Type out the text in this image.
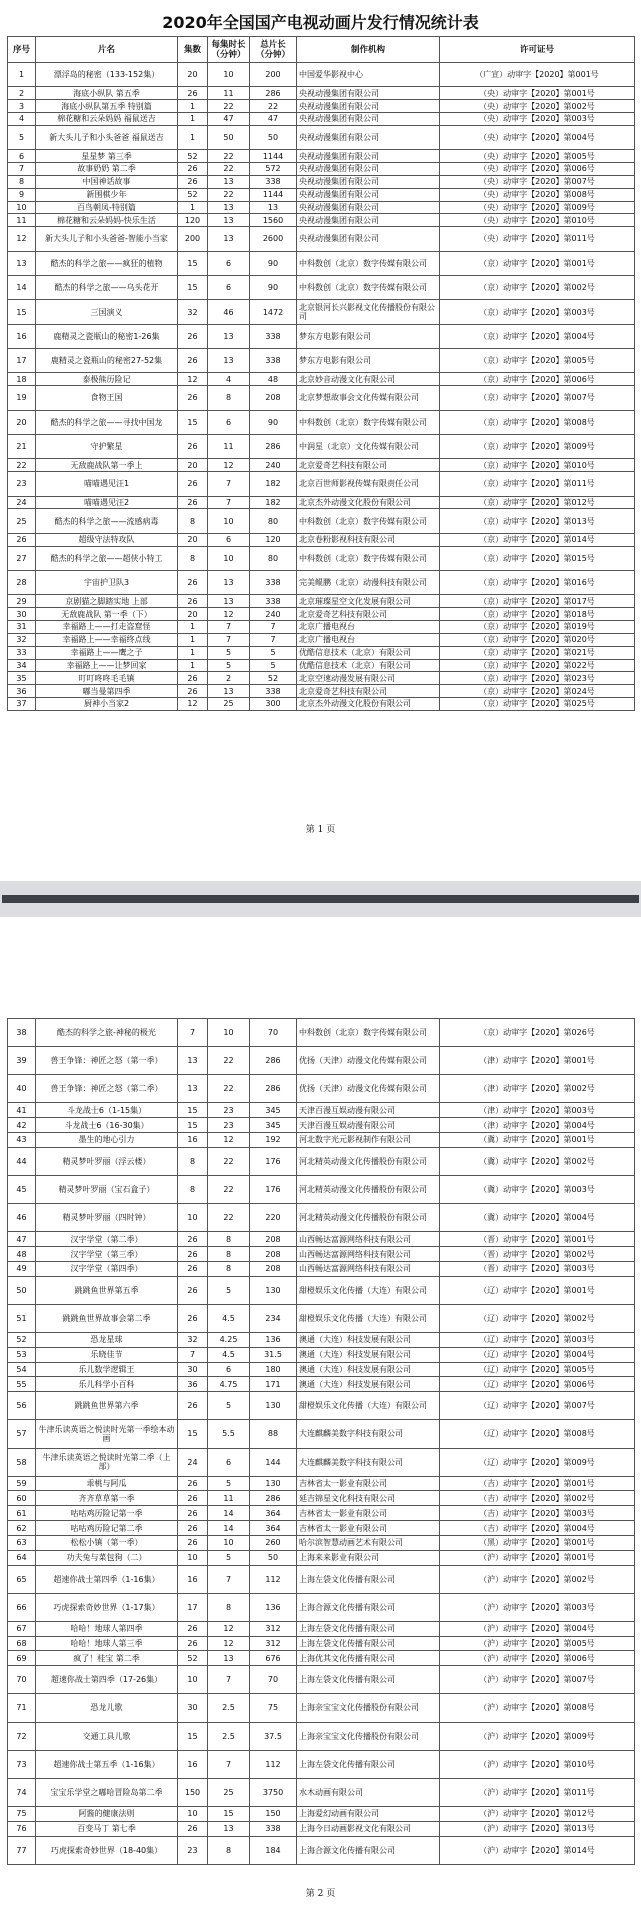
2020年全国国产电视动画片发行情况统计表
序号	片名	集数	每集时长（分钟）	总片长（分钟）	制作机构	许可证号
1	漂浮岛的秘密（133-152集）	20	10	200	中国爱华影视中心	（广宣）动审字【2020】第001号
2	海底小纵队 第五季	26	11	286	央视动漫集团有限公司	（央）动审字【2020】第001号
3	海底小纵队第五季 特别篇	1	22	22	央视动漫集团有限公司	（央）动审字【2020】第002号
4	棉花糖和云朵妈妈 福鼠送吉	1	47	47	央视动漫集团有限公司	（央）动审字【2020】第003号
5	新大头儿子和小头爸爸 福鼠送吉	1	50	50	央视动漫集团有限公司	（央）动审字【2020】第004号
6	星星梦 第三季	52	22	1144	央视动漫集团有限公司	（央）动审字【2020】第005号
7	故事奶奶 第二季	26	22	572	央视动漫集团有限公司	（央）动审字【2020】第006号
8	中国神话故事	26	13	338	央视动漫集团有限公司	（央）动审字【2020】第007号
9	新围棋少年	52	22	1144	央视动漫集团有限公司	（央）动审字【2020】第008号
10	百鸟朝凤-特别篇	1	13	13	央视动漫集团有限公司	（央）动审字【2020】第009号
11	棉花糖和云朵妈妈-快乐生活	120	13	1560	央视动漫集团有限公司	（央）动审字【2020】第010号
12	新大头儿子和小头爸爸-智能小当家	200	13	2600	央视动漫集团有限公司	（央）动审字【2020】第011号
13	酷杰的科学之旅——疯狂的植物	15	6	90	中科数创（北京）数字传媒有限公司	（京）动审字【2020】第001号
14	酷杰的科学之旅——乌头花开	15	6	90	中科数创（北京）数字传媒有限公司	（京）动审字【2020】第002号
15	三国演义	32	46	1472	北京银河长兴影视文化传播股份有限公司	（京）动审字【2020】第003号
16	鹿精灵之瓷瓶山的秘密1-26集	26	13	338	梦东方电影有限公司	（京）动审字【2020】第004号
17	鹿精灵之瓷瓶山的秘密27-52集	26	13	338	梦东方电影有限公司	（京）动审字【2020】第005号
18	泰极熊历险记	12	4	48	北京妙音动漫文化有限公司	（京）动审字【2020】第006号
19	食物王国	26	8	208	北京梦想故事会文化传媒有限公司	（京）动审字【2020】第007号
20	酷杰的科学之旅——寻找中国龙	15	6	90	中科数创（北京）数字传媒有限公司	（京）动审字【2020】第008号
21	守护繁星	26	11	286	中润星（北京）文化传媒有限公司	（京）动审字【2020】第009号
22	无敌鹿战队第一季上	20	12	240	北京爱奇艺科技有限公司	（京）动审字【2020】第010号
23	喵喵遇见汪1	26	7	182	北京百世师影视传媒有限责任公司	（京）动审字【2020】第011号
24	喵喵遇见汪2	26	7	182	北京杰外动漫文化股份有限公司	（京）动审字【2020】第012号
25	酷杰的科学之旅——流感病毒	8	10	80	中科数创（北京）数字传媒有限公司	（京）动审字【2020】第013号
26	超级守法特攻队	20	6	120	北京卷粉影视科技有限公司	（京）动审字【2020】第014号
27	酷杰的科学之旅——超侠小特工	8	10	80	中科数创（北京）数字传媒有限公司	（京）动审字【2020】第015号
28	宇宙护卫队3	26	13	338	完美鲲鹏（北京）动漫科技有限公司	（京）动审字【2020】第016号
29	京剧猫之脚踏实地 上部	26	13	338	北京璀璨星空文化发展有限公司	（京）动审字【2020】第017号
30	无敌鹿战队 第一季（下）	20	12	240	北京爱奇艺科技有限公司	（京）动审字【2020】第018号
31	幸福路上——打走盗窟怪	1	7	7	北京广播电视台	（京）动审字【2020】第019号
32	幸福路上——幸福终点线	1	7	7	北京广播电视台	（京）动审字【2020】第020号
33	幸福路上——鹰之子	1	5	5	优酷信息技术（北京）有限公司	（京）动审字【2020】第021号
34	幸福路上——让梦回家	1	5	5	优酷信息技术（北京）有限公司	（京）动审字【2020】第022号
35	叮叮咚咚毛毛镇	26	2	52	北京空速动漫发展有限公司	（京）动审字【2020】第023号
36	嘟当曼第四季	26	13	338	北京爱奇艺科技有限公司	（京）动审字【2020】第024号
37	厨神小当家2	12	25	300	北京杰外动漫文化股份有限公司	（京）动审字【2020】第025号
第 1 页
38	酷杰的科学之旅-神秘的极光	7	10	70	中科数创（北京）数字传媒有限公司	（京）动审字【2020】第026号
39	兽王争锋：神匠之怒（第一季）	13	22	286	优扬（天津）动漫文化传媒有限公司	（津）动审字【2020】第001号
40	兽王争锋：神匠之怒（第二季）	13	22	286	优扬（天津）动漫文化传媒有限公司	（津）动审字【2020】第002号
41	斗龙战士6（1-15集）	15	23	345	天津百漫互娱动漫有限公司	（津）动审字【2020】第003号
42	斗龙战士6（16-30集）	15	23	345	天津百漫互娱动漫有限公司	（津）动审字【2020】第004号
43	墨生的地心引力	16	12	192	河北数字光元影视制作有限公司	（冀）动审字【2020】第001号
44	精灵梦叶罗丽（浮云楼）	8	22	176	河北精英动漫文化传播股份有限公司	（冀）动审字【2020】第002号
45	精灵梦叶罗丽（宝石盒子）	8	22	176	河北精英动漫文化传播股份有限公司	（冀）动审字【2020】第003号
46	精灵梦叶罗丽（四时钟）	10	22	220	河北精英动漫文化传播股份有限公司	（冀）动审字【2020】第004号
47	汉字学堂（第二季）	26	8	208	山西畅达富源网络科技有限公司	（晋）动审字【2020】第001号
48	汉字学堂（第三季）	26	8	208	山西畅达富源网络科技有限公司	（晋）动审字【2020】第002号
49	汉字学堂（第四季）	26	8	208	山西畅达富源网络科技有限公司	（晋）动审字【2020】第003号
50	跳跳鱼世界第五季	26	5	130	甜橙娱乐文化传播（大连）有限公司	（辽）动审字【2020】第001号
51	跳跳鱼世界故事会第二季	26	4.5	234	甜橙娱乐文化传播（大连）有限公司	（辽）动审字【2020】第002号
52	恐龙星球	32	4.25	136	澳通（大连）科技发展有限公司	（辽）动审字【2020】第003号
53	乐晓佳节	7	4.5	31.5	澳通（大连）科技发展有限公司	（辽）动审字【2020】第004号
54	乐儿数学逻辑王	30	6	180	澳通（大连）科技发展有限公司	（辽）动审字【2020】第005号
55	乐儿科学小百科	36	4.75	171	澳通（大连）科技发展有限公司	（辽）动审字【2020】第006号
56	跳跳鱼世界第六季	26	5	130	甜橙娱乐文化传播（大连）有限公司	（辽）动审字【2020】第007号
57	牛津乐读英语之悦读时光第一季绘本动画	15	5.5	88	大连麒麟美数字科技有限公司	（辽）动审字【2020】第008号
58	牛津乐读英语之悦读时光第二季（上部）	24	6	144	大连麒麟美数字科技有限公司	（辽）动审字【2020】第009号
59	乖桃与阿瓜	26	5	130	吉林省太一影业有限公司	（吉）动审字【2020】第001号
60	齐齐草草第一季	26	11	286	延吉锦星文化科技有限公司	（吉）动审字【2020】第002号
61	咕咕鸡历险记第一季	26	14	364	吉林省太一影业有限公司	（吉）动审字【2020】第003号
62	咕咕鸡历险记第二季	26	14	364	吉林省太一影业有限公司	（吉）动审字【2020】第004号
63	松松小镇（第一季）	26	10	260	哈尔滨智慧动画艺术有限公司	（黑）动审字【2020】第001号
64	功夫兔与菜包狗（二）	10	5	50	上海来来影业有限公司	（沪）动审字【2020】第001号
65	超速你战士第四季（1-16集）	16	7	112	上海左袋文化传播有限公司	（沪）动审字【2020】第002号
66	巧虎探索奇妙世界（1-17集）	17	8	136	上海合源文化传播有限公司	（沪）动审字【2020】第003号
67	哈哈！地球人第四季	26	12	312	上海左袋文化传播有限公司	（沪）动审字【2020】第004号
68	哈哈！地球人第三季	26	12	312	上海左袋文化传播有限公司	（沪）动审字【2020】第005号
69	疯了！桂宝 第二季	52	13	676	上海优其文化传播有限公司	（沪）动审字【2020】第006号
70	超速你战士第四季（17-26集）	10	7	70	上海左袋文化传播有限公司	（沪）动审字【2020】第007号
71	恐龙儿歌	30	2.5	75	上海亲宝宝文化传播股份有限公司	（沪）动审字【2020】第008号
72	交通工具儿歌	15	2.5	37.5	上海亲宝宝文化传播股份有限公司	（沪）动审字【2020】第009号
73	超速你战士第五季（1-16集）	16	7	112	上海左袋文化传播有限公司	（沪）动审字【2020】第010号
74	宝宝乐学堂之嘟哈冒险岛第二季	150	25	3750	水木动画有限公司	（沪）动审字【2020】第011号
75	阿酱的健康法则	10	15	150	上海爱幻动画有限公司	（沪）动审字【2020】第012号
76	百变马丁 第七季	26	13	338	上海今日动画影视文化有限公司	（沪）动审字【2020】第013号
77	巧虎探索奇妙世界（18-40集）	23	8	184	上海合源文化传播有限公司	（沪）动审字【2020】第014号
第 2 页
